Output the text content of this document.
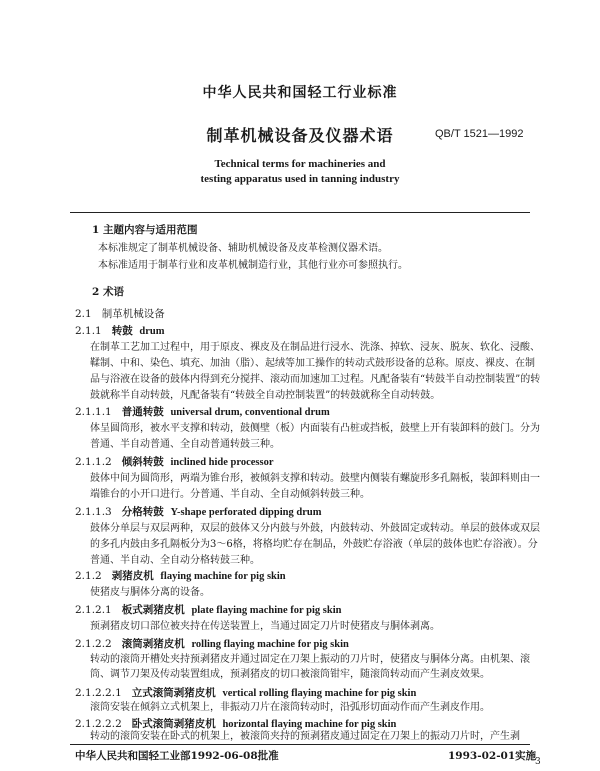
中华人民共和国轻工行业标准
制革机械设备及仪器术语	QB/T 1521—1992
Technical terms for machineries and
testing apparatus used in tanning industry
1 主题内容与适用范围
本标准规定了制革机械设备、辅助机械设备及皮革检测仪器术语。
本标准适用于制革行业和皮革机械制造行业，其他行业亦可参照执行。
2 术语
2.1 制革机械设备
2.1.1 转鼓 drum
在制革工艺加工过程中，用于原皮、裸皮及在制品进行浸水、洗涤、掉软、浸灰、脱灰、软化、浸酸、鞣制、中和、染色、填充、加油（脂）、起绒等加工操作的转动式鼓形设备的总称。原皮、裸皮、在制品与浴液在设备的鼓体内得到充分搅拌、滚动而加速加工过程。凡配备装有“转鼓半自动控制装置”的转鼓就称半自动转鼓，凡配备装有“转鼓全自动控制装置”的转鼓就称全自动转鼓。
2.1.1.1 普通转鼓 universal drum, conventional drum
体呈圆筒形，被水平支撑和转动，鼓侧壁（板）内面装有凸桩或挡板，鼓壁上开有装卸料的鼓门。分为普通、半自动普通、全自动普通转鼓三种。
2.1.1.2 倾斜转鼓 inclined hide processor
鼓体中间为圆筒形，两端为锥台形，被倾斜支撑和转动。鼓壁内侧装有螺旋形多孔隔板，装卸料则由一端锥台的小开口进行。分普通、半自动、全自动倾斜转鼓三种。
2.1.1.3 分格转鼓 Y-shape perforated dipping drum
鼓体分单层与双层两种，双层的鼓体又分内鼓与外鼓，内鼓转动、外鼓固定或转动。单层的鼓体或双层的多孔内鼓由多孔隔板分为3～6格，将格均贮存在制品，外鼓贮存浴液（单层的鼓体也贮存浴液）。分普通、半自动、全自动分格转鼓三种。
2.1.2 剥猪皮机 flaying machine for pig skin
使猪皮与胴体分离的设备。
2.1.2.1 板式剥猪皮机 plate flaying machine for pig skin
预剥猪皮切口部位被夹持在传送装置上，当通过固定刀片时使猪皮与胴体剥离。
2.1.2.2 滚筒剥猪皮机 rolling flaying machine for pig skin
转动的滚筒开槽处夹持预剥猪皮并通过固定在刀架上振动的刀片时，使猪皮与胴体分离。由机架、滚筒、调节刀架及传动装置组成，预剥猪皮的切口被滚筒钳牢，随滚筒转动而产生剥皮效果。
2.1.2.2.1 立式滚筒剥猪皮机 vertical rolling flaying machine for pig skin
滚筒安装在倾斜立式机架上，非振动刀片在滚筒转动时，沿弧形切面动作而产生剥皮作用。
2.1.2.2.2 卧式滚筒剥猪皮机 horizontal flaying machine for pig skin
转动的滚筒安装在卧式的机架上，被滚筒夹持的预剥猪皮通过固定在刀架上的振动刀片时，产生剥
中华人民共和国轻工业部1992-06-08批准	1993-02-01实施
3
